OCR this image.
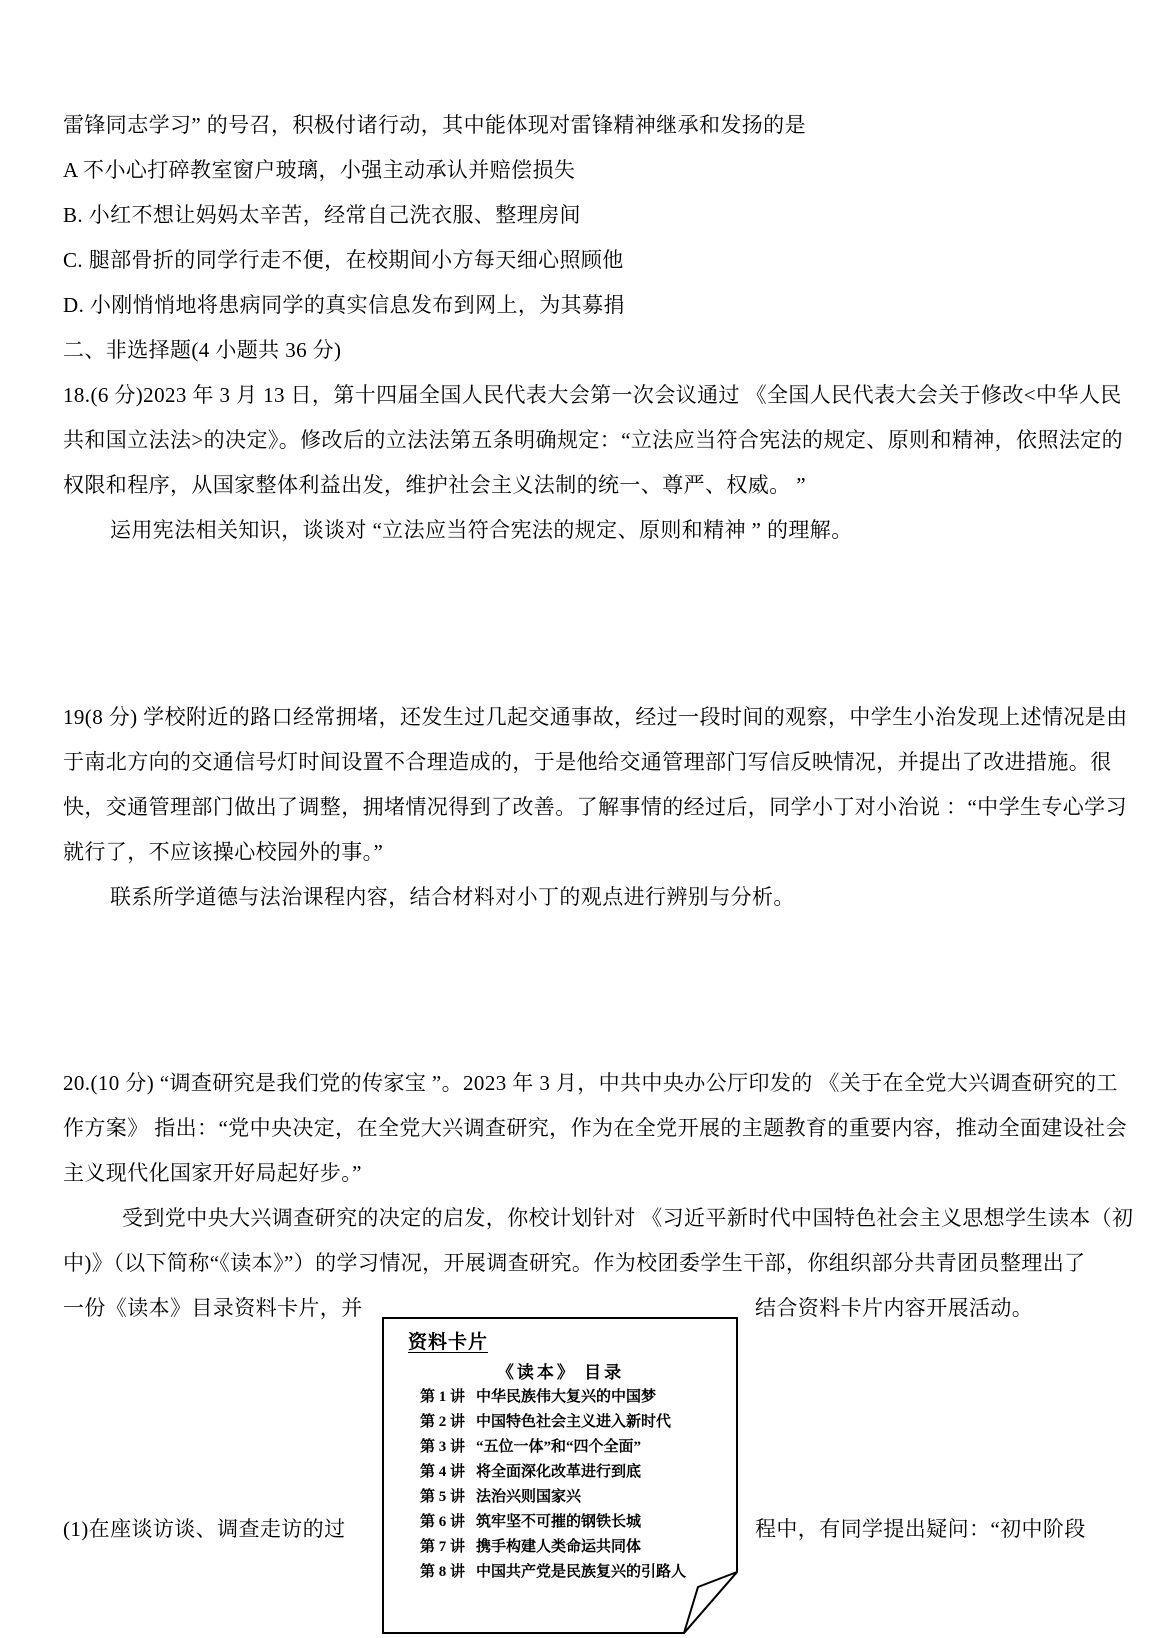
雷锋同志学习” 的号召，积极付诸行动，其中能体现对雷锋精神继承和发扬的是
A 不小心打碎教室窗户玻璃，小强主动承认并赔偿损失
B. 小红不想让妈妈太辛苦，经常自己洗衣服、整理房间
C. 腿部骨折的同学行走不便，在校期间小方每天细心照顾他
D. 小刚悄悄地将患病同学的真实信息发布到网上，为其募捐
二、非选择题(4 小题共 36 分)
18.(6 分)2023 年 3 月 13 日，第十四届全国人民代表大会第一次会议通过 《全国人民代表大会关于修改<中华人民
共和国立法法>的决定》。修改后的立法法第五条明确规定：“立法应当符合宪法的规定、原则和精神，依照法定的
权限和程序，从国家整体利益出发，维护社会主义法制的统一、尊严、权威。 ”
运用宪法相关知识，谈谈对 “立法应当符合宪法的规定、原则和精神 ” 的理解。
19(8 分) 学校附近的路口经常拥堵，还发生过几起交通事故，经过一段时间的观察，中学生小治发现上述情况是由
于南北方向的交通信号灯时间设置不合理造成的，于是他给交通管理部门写信反映情况，并提出了改进措施。很
快，交通管理部门做出了调整，拥堵情况得到了改善。了解事情的经过后，同学小丁对小治说 ：“中学生专心学习
就行了，不应该操心校园外的事。”
联系所学道德与法治课程内容，结合材料对小丁的观点进行辨别与分析。
20.(10 分) “调查研究是我们党的传家宝 ”。2023 年 3 月，中共中央办公厅印发的 《关于在全党大兴调查研究的工
作方案》 指出：“党中央决定，在全党大兴调查研究，作为在全党开展的主题教育的重要内容，推动全面建设社会
主义现代化国家开好局起好步。”
受到党中央大兴调查研究的决定的启发，你校计划针对 《习近平新时代中国特色社会主义思想学生读本（初
中)》（以下简称“《读本》”）的学习情况，开展调查研究。作为校团委学生干部，你组织部分共青团员整理出了
一份《读本》目录资料卡片，并	结合资料卡片内容开展活动。
(1)在座谈访谈、调查走访的过	程中，有同学提出疑问：“初中阶段
资料卡片
《读本》 目录
第 1 讲 中华民族伟大复兴的中国梦
第 2 讲 中国特色社会主义进入新时代
第 3 讲 “五位一体”和“四个全面”
第 4 讲 将全面深化改革进行到底
第 5 讲 法治兴则国家兴
第 6 讲 筑牢坚不可摧的钢铁长城
第 7 讲 携手构建人类命运共同体
第 8 讲 中国共产党是民族复兴的引路人
